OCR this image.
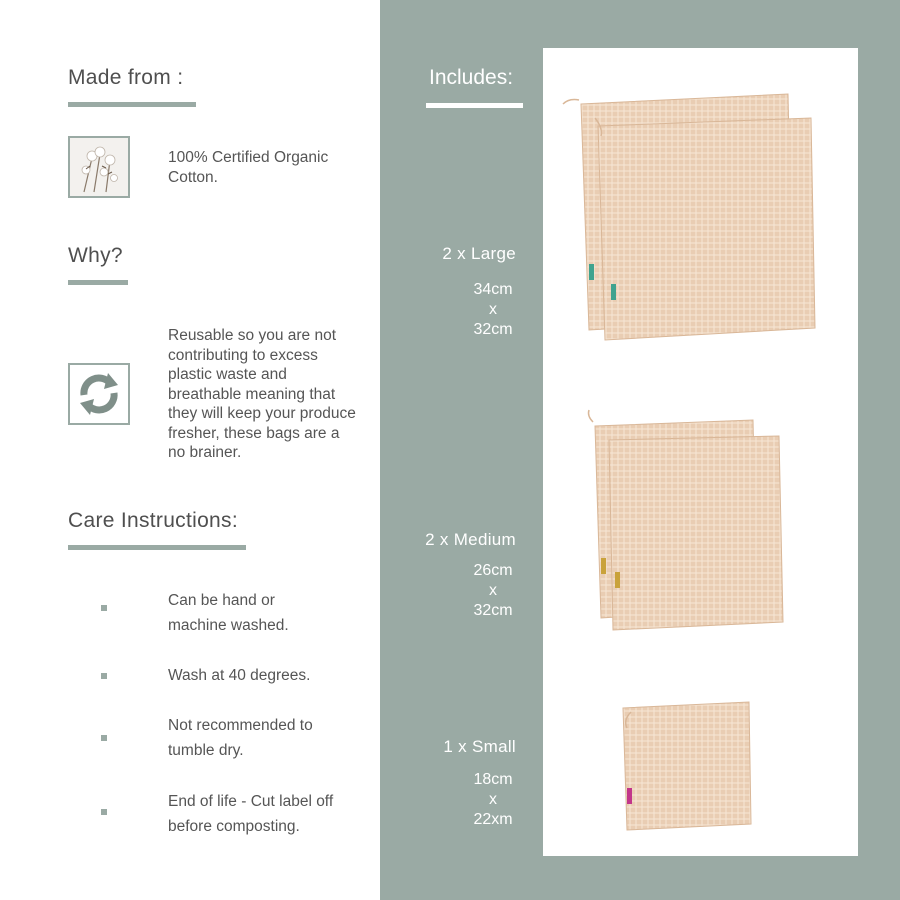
Made from :
100% Certified Organic Cotton.
Why?
Reusable so you are not contributing to excess plastic waste and breathable meaning that they will keep your produce fresher, these bags are a no brainer.
Care Instructions:
Can be hand or machine washed.
Wash at 40 degrees.
Not recommended to tumble dry.
End of life - Cut label off before composting.
Includes:
2 x Large
34cm
x
32cm
2 x Medium
26cm
x
32cm
1 x Small
18cm
x
22xm
